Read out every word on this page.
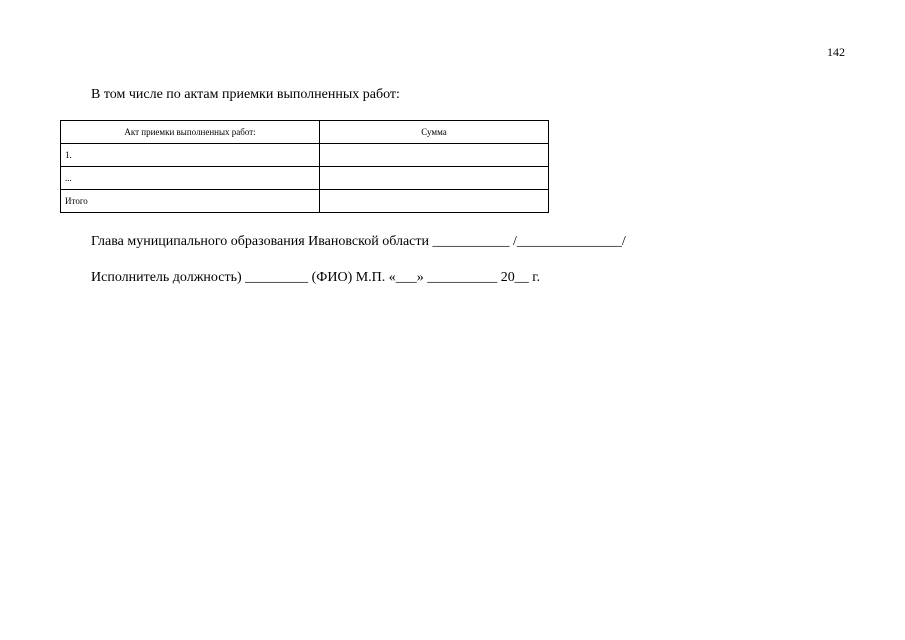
142
В том числе по актам приемки выполненных работ:
Акт приемки выполненных работ:	Сумма
1.	
...	
Итого	
Глава муниципального образования Ивановской области ___________ /_______________/
Исполнитель должность) _________ (ФИО) М.П. «___» __________ 20__ г.
